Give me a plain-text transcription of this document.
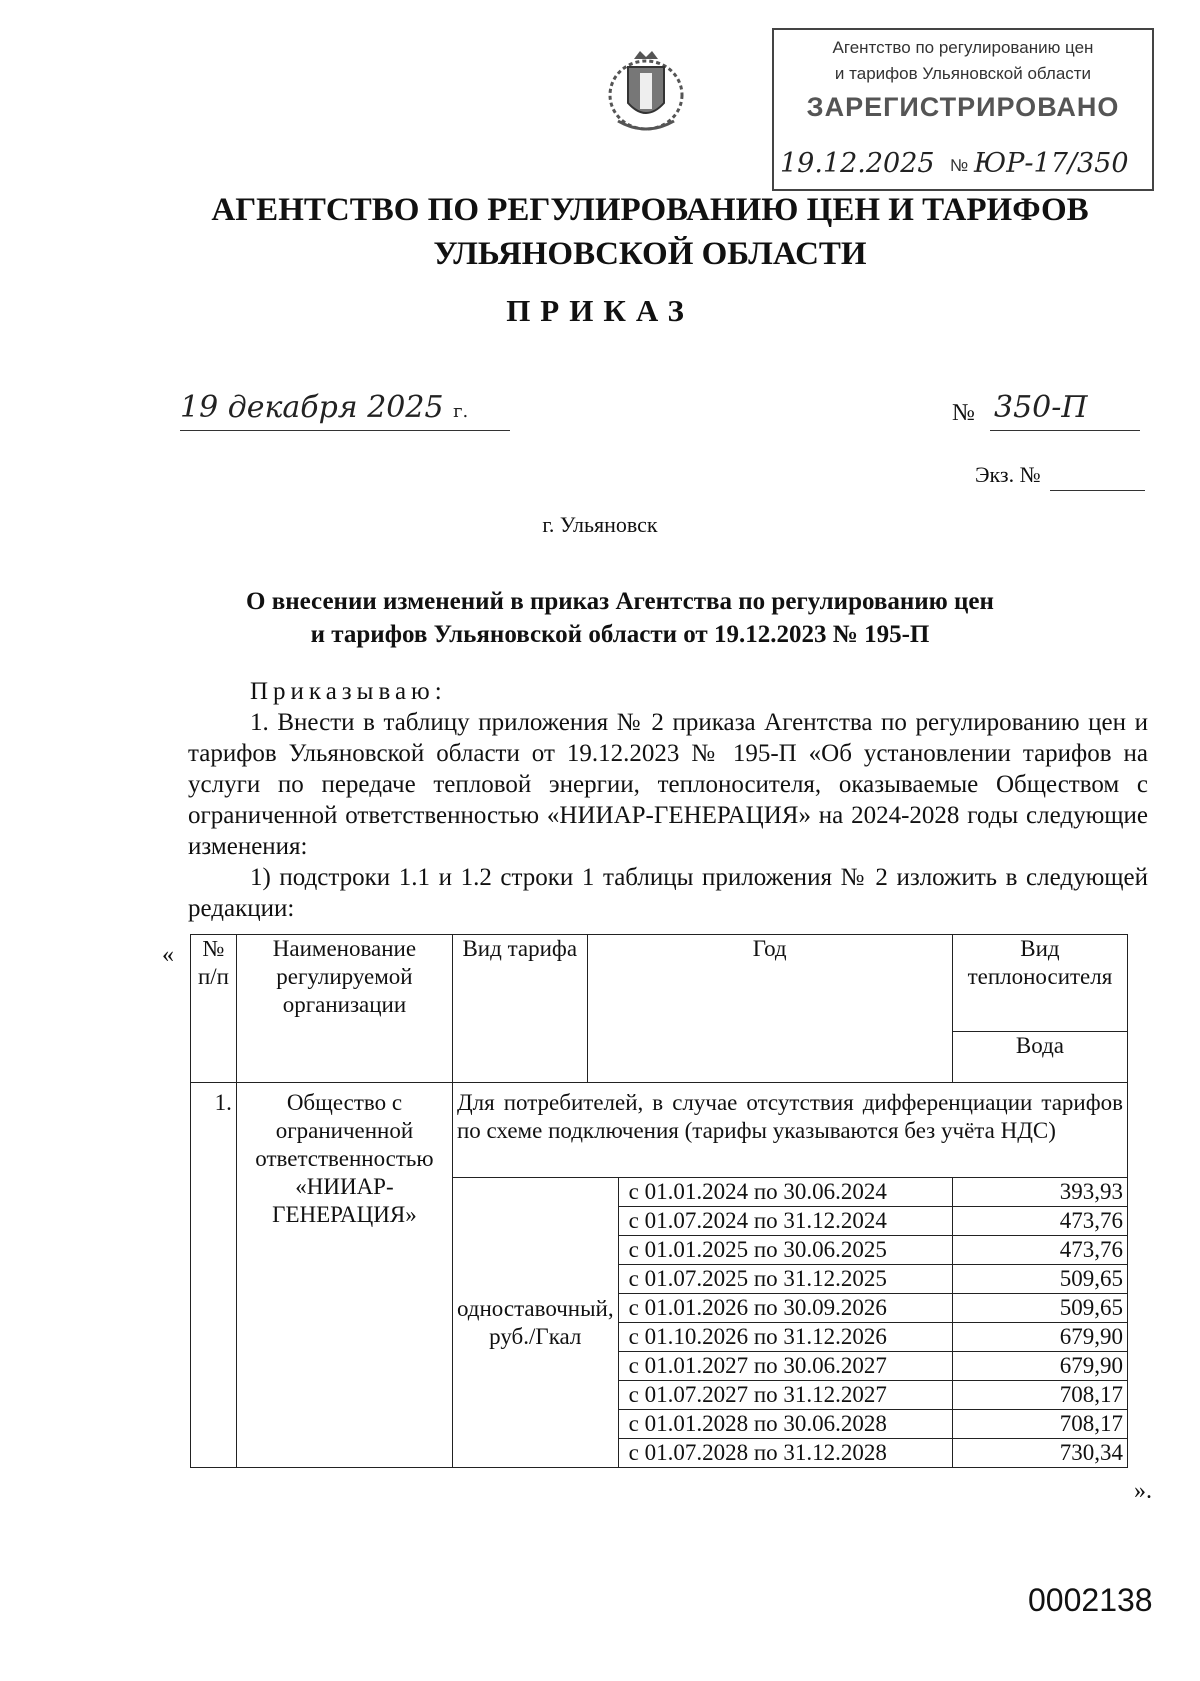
Агентство по регулированию цен
и тарифов Ульяновской области
ЗАРЕГИСТРИРОВАНО
19.12.2025 № ЮР-17/350
АГЕНТСТВО ПО РЕГУЛИРОВАНИЮ ЦЕН И ТАРИФОВ
УЛЬЯНОВСКОЙ ОБЛАСТИ
ПРИКАЗ
19 декабря 2025 г.	№ 350-П
Экз. №
г. Ульяновск
О внесении изменений в приказ Агентства по регулированию цен
и тарифов Ульяновской области от 19.12.2023 № 195-П

Приказываю:

1. Внести в таблицу приложения № 2 приказа Агентства по регулированию цен и тарифов Ульяновской области от 19.12.2023 № 195-П «Об установлении тарифов на услуги по передаче тепловой энергии, теплоносителя, оказываемые Обществом с ограниченной ответственностью «НИИАР-ГЕНЕРАЦИЯ» на 2024-2028 годы следующие изменения:

1) подстроки 1.1 и 1.2 строки 1 таблицы приложения № 2 изложить в следующей редакции:

« № п/п	Наименование регулируемой организации	Вид тарифа	Год		Вид теплоносителя
					Вода
1.	Общество с ограниченной ответственностью «НИИАР-ГЕНЕРАЦИЯ»	Для потребителей, в случае отсутствия дифференциации тарифов по схеме подключения (тарифы указываются без учёта НДС)			
		одноставочный, руб./Гкал		с 01.01.2024 по 30.06.2024	393,93
				с 01.07.2024 по 31.12.2024	473,76
				с 01.01.2025 по 30.06.2025	473,76
				с 01.07.2025 по 31.12.2025	509,65
				с 01.01.2026 по 30.09.2026	509,65
				с 01.10.2026 по 31.12.2026	679,90
				с 01.01.2027 по 30.06.2027	679,90
				с 01.07.2027 по 31.12.2027	708,17
				с 01.01.2028 по 30.06.2028	708,17
				с 01.07.2028 по 31.12.2028	730,34
».
0002138
